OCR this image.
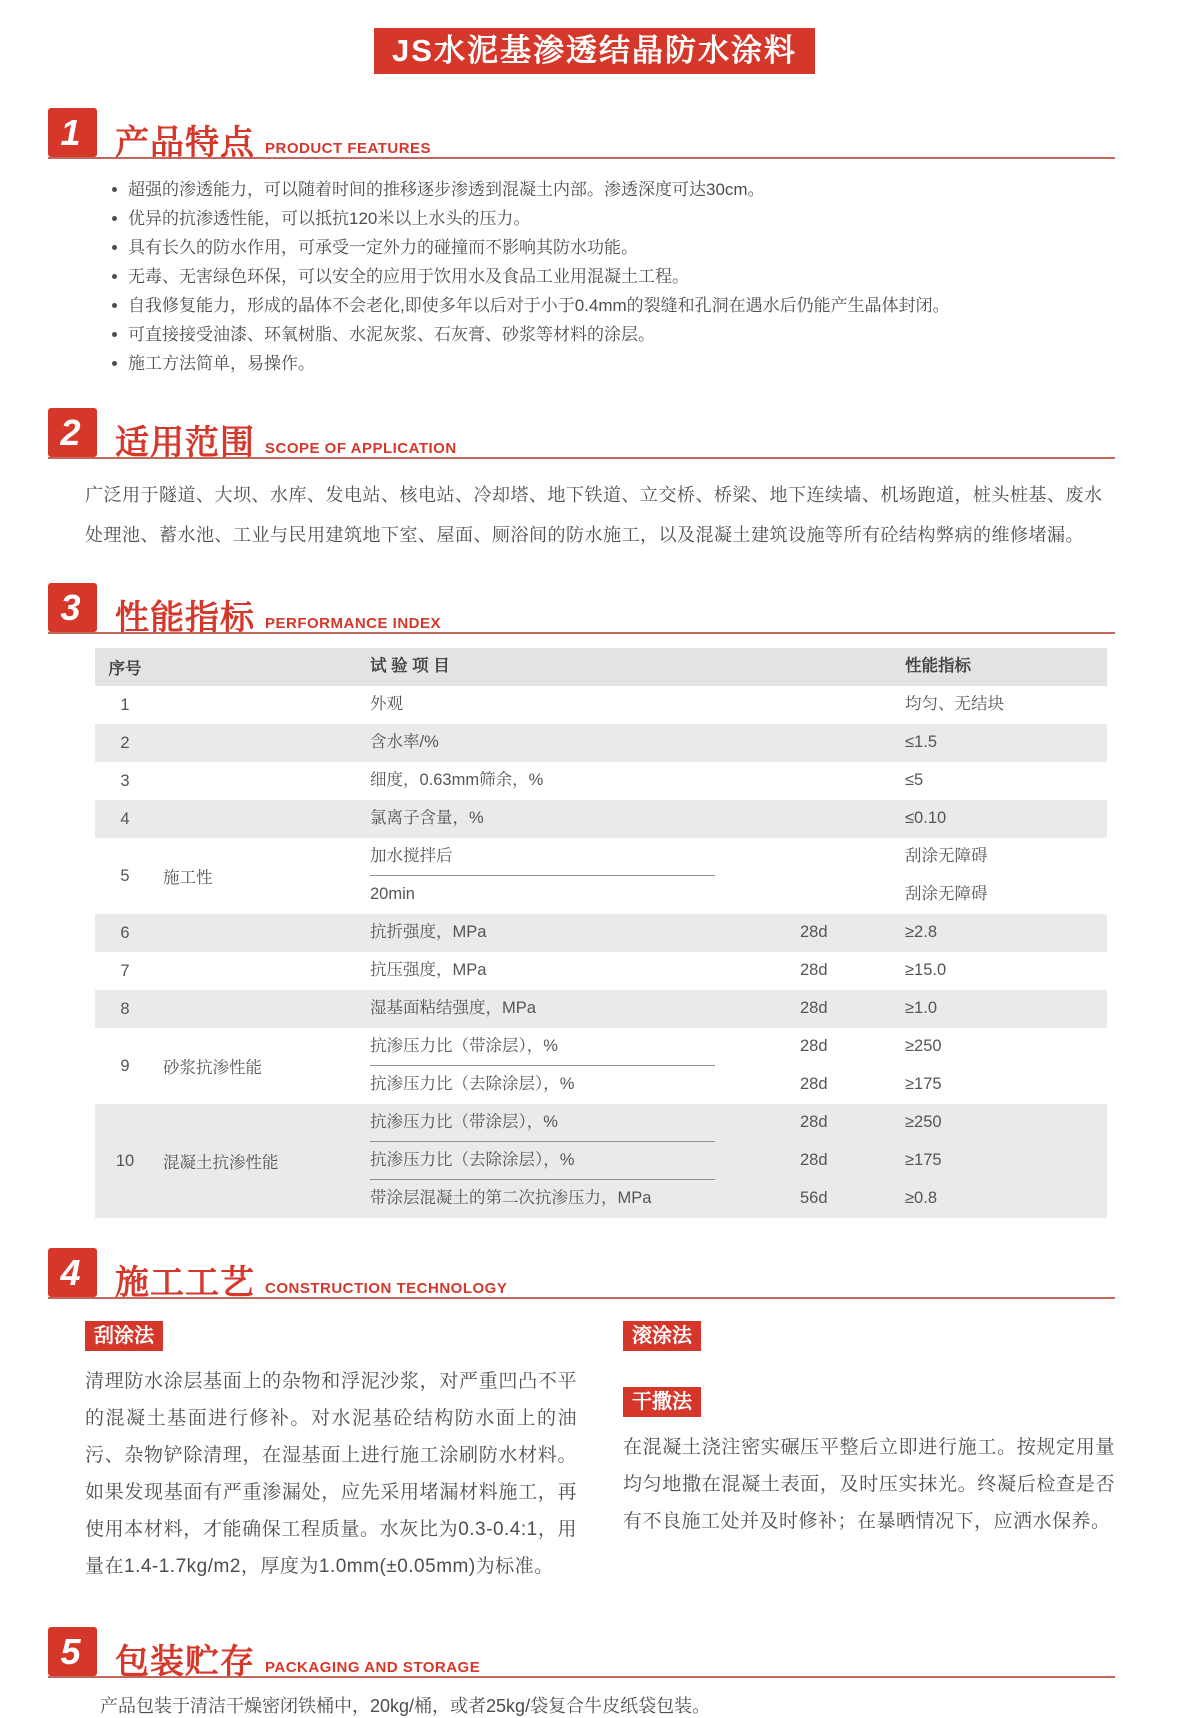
JS水泥基渗透结晶防水涂料
1	产品特点 PRODUCT FEATURES
超强的渗透能力，可以随着时间的推移逐步渗透到混凝土内部。渗透深度可达30cm。
优异的抗渗透性能，可以抵抗120米以上水头的压力。
具有长久的防水作用，可承受一定外力的碰撞而不影响其防水功能。
无毒、无害绿色环保，可以安全的应用于饮用水及食品工业用混凝土工程。
自我修复能力，形成的晶体不会老化,即使多年以后对于小于0.4mm的裂缝和孔洞在遇水后仍能产生晶体封闭。
可直接接受油漆、环氧树脂、水泥灰浆、石灰膏、砂浆等材料的涂层。
施工方法简单，易操作。
2	适用范围 SCOPE OF APPLICATION

广泛用于隧道、大坝、水库、发电站、核电站、冷却塔、地下铁道、立交桥、桥梁、地下连续墙、机场跑道，桩头桩基、废水处理池、蓄水池、工业与民用建筑地下室、屋面、厕浴间的防水施工，以及混凝土建筑设施等所有砼结构弊病的维修堵漏。

3	性能指标 PERFORMANCE INDEX
序号	试 验 项 目	性能指标
1	外观	均匀、无结块
2	含水率/%	≤1.5
3	细度，0.63mm筛余，%	≤5
4	氯离子含量，%	≤0.10
5	施工性
加水搅拌后	刮涂无障碍
20min	刮涂无障碍
6	抗折强度，MPa	28d	≥2.8
7	抗压强度，MPa	28d	≥15.0
8	湿基面粘结强度，MPa	28d	≥1.0
9	砂浆抗渗性能
抗渗压力比（带涂层），%	28d	≥250
抗渗压力比（去除涂层），%	28d	≥175
10	混凝土抗渗性能
抗渗压力比（带涂层），%	28d	≥250
抗渗压力比（去除涂层），%	28d	≥175
带涂层混凝土的第二次抗渗压力，MPa	56d	≥0.8
4	施工工艺 CONSTRUCTION TECHNOLOGY
刮涂法

清理防水涂层基面上的杂物和浮泥沙浆，对严重凹凸不平的混凝土基面进行修补。对水泥基砼结构防水面上的油污、杂物铲除清理，在湿基面上进行施工涂刷防水材料。如果发现基面有严重渗漏处，应先采用堵漏材料施工，再使用本材料，才能确保工程质量。水灰比为0.3-0.4:1，用量在1.4-1.7kg/m2，厚度为1.0mm(±0.05mm)为标准。

滚涂法
干撒法

在混凝土浇注密实碾压平整后立即进行施工。按规定用量均匀地撒在混凝土表面，及时压实抹光。终凝后检查是否有不良施工处并及时修补；在暴晒情况下，应洒水保养。

5	包装贮存 PACKAGING AND STORAGE

产品包装于清洁干燥密闭铁桶中，20kg/桶，或者25kg/袋复合牛皮纸袋包装。
